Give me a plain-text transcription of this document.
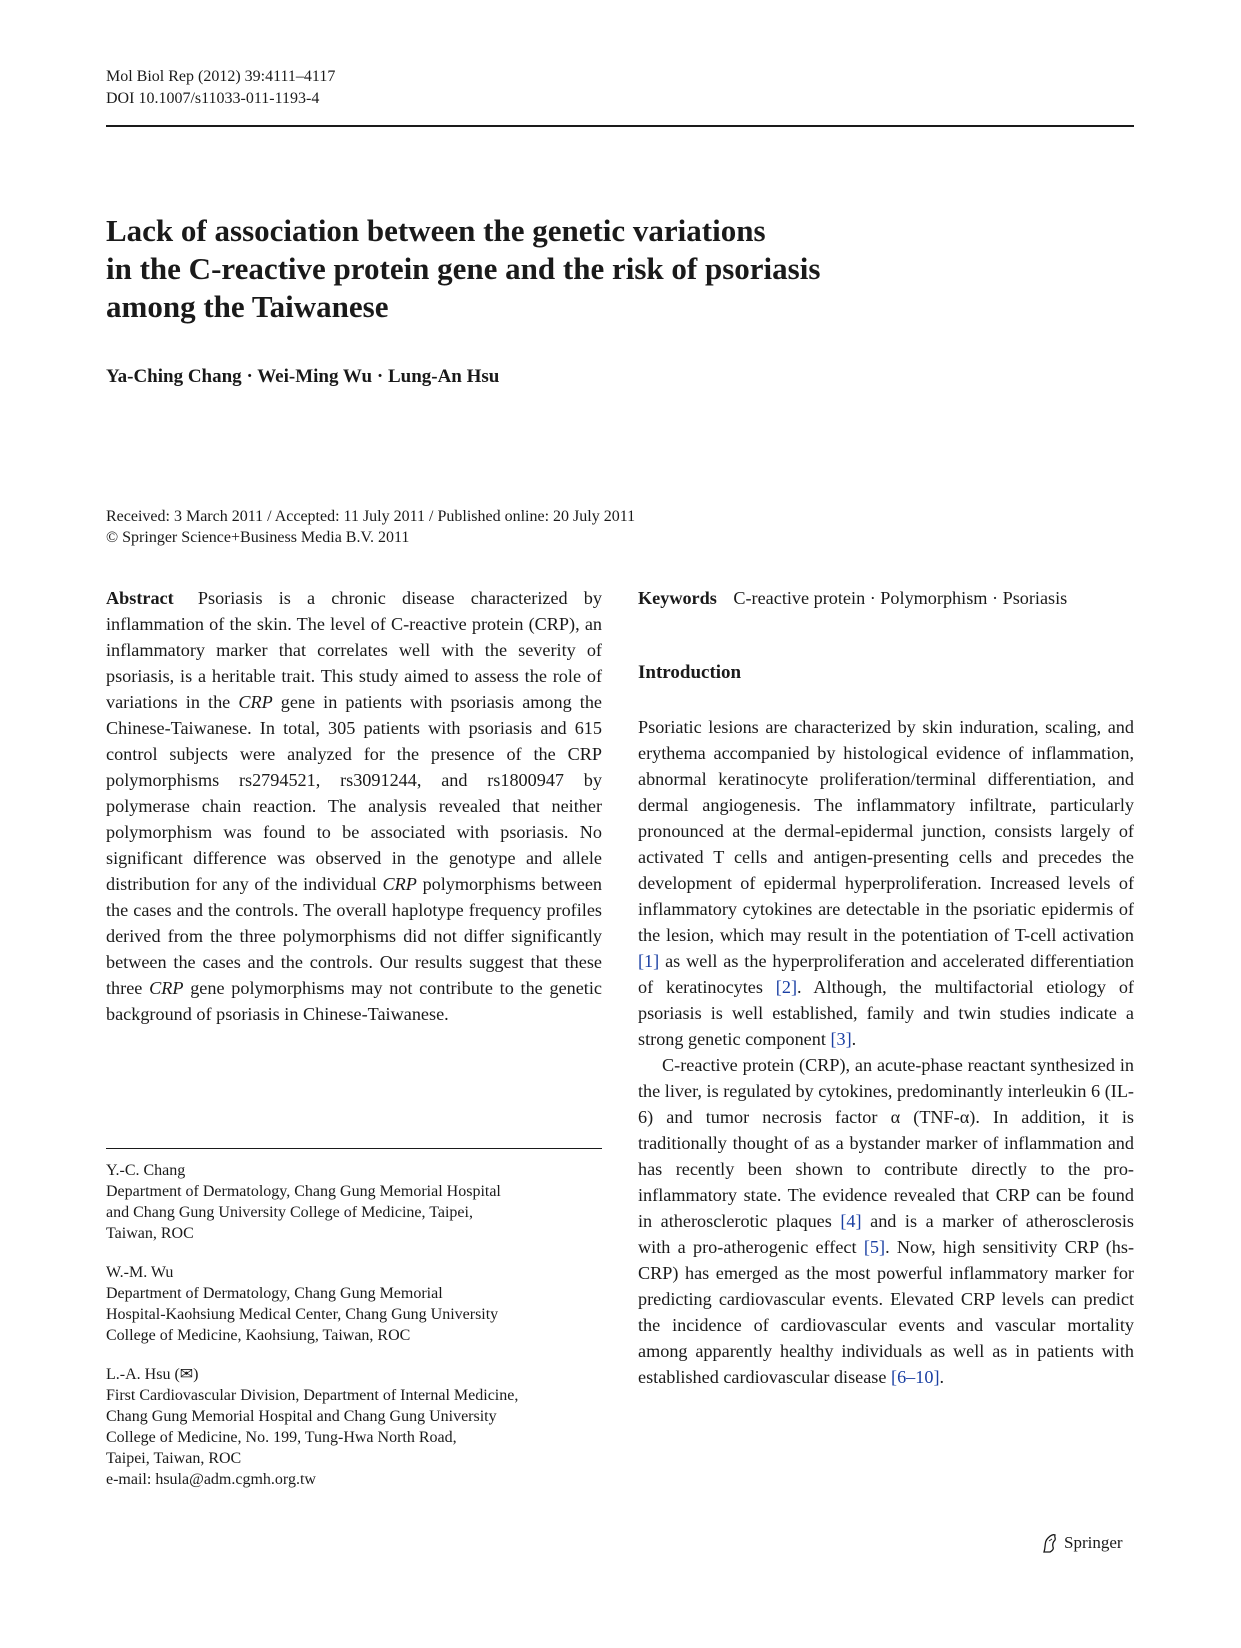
Mol Biol Rep (2012) 39:4111–4117
DOI 10.1007/s11033-011-1193-4
Lack of association between the genetic variations
in the C-reactive protein gene and the risk of psoriasis
among the Taiwanese
Ya-Ching Chang · Wei-Ming Wu · Lung-An Hsu
Received: 3 March 2011 / Accepted: 11 July 2011 / Published online: 20 July 2011
© Springer Science+Business Media B.V. 2011

Abstract Psoriasis is a chronic disease characterized by inflammation of the skin. The level of C-reactive protein (CRP), an inflammatory marker that correlates well with the severity of psoriasis, is a heritable trait. This study aimed to assess the role of variations in the CRP gene in patients with psoriasis among the Chinese-Taiwanese. In total, 305 patients with psoriasis and 615 control subjects were analyzed for the presence of the CRP polymorphisms rs2794521, rs3091244, and rs1800947 by polymerase chain reaction. The analysis revealed that neither polymorphism was found to be associated with psoriasis. No significant difference was observed in the genotype and allele distribution for any of the individual CRP polymorphisms between the cases and the controls. The overall haplotype frequency profiles derived from the three polymorphisms did not differ significantly between the cases and the controls. Our results suggest that these three CRP gene polymorphisms may not contribute to the genetic background of psoriasis in Chinese-Taiwanese.

Y.-C. Chang
Department of Dermatology, Chang Gung Memorial Hospital
and Chang Gung University College of Medicine, Taipei,
Taiwan, ROC
W.-M. Wu
Department of Dermatology, Chang Gung Memorial
Hospital-Kaohsiung Medical Center, Chang Gung University
College of Medicine, Kaohsiung, Taiwan, ROC
L.-A. Hsu (✉)
First Cardiovascular Division, Department of Internal Medicine,
Chang Gung Memorial Hospital and Chang Gung University
College of Medicine, No. 199, Tung-Hwa North Road,
Taipei, Taiwan, ROC
e-mail: hsula@adm.cgmh.org.tw
Keywords C-reactive protein · Polymorphism · Psoriasis
Introduction

Psoriatic lesions are characterized by skin induration, scaling, and erythema accompanied by histological evidence of inflammation, abnormal keratinocyte proliferation/terminal differentiation, and dermal angiogenesis. The inflammatory infiltrate, particularly pronounced at the dermal-epidermal junction, consists largely of activated T cells and antigen-presenting cells and precedes the development of epidermal hyperproliferation. Increased levels of inflammatory cytokines are detectable in the psoriatic epidermis of the lesion, which may result in the potentiation of T-cell activation [1] as well as the hyperproliferation and accelerated differentiation of keratinocytes [2]. Although, the multifactorial etiology of psoriasis is well established, family and twin studies indicate a strong genetic component [3].

C-reactive protein (CRP), an acute-phase reactant synthesized in the liver, is regulated by cytokines, predominantly interleukin 6 (IL-6) and tumor necrosis factor α (TNF-α). In addition, it is traditionally thought of as a bystander marker of inflammation and has recently been shown to contribute directly to the pro-inflammatory state. The evidence revealed that CRP can be found in atherosclerotic plaques [4] and is a marker of atherosclerosis with a pro-atherogenic effect [5]. Now, high sensitivity CRP (hs-CRP) has emerged as the most powerful inflammatory marker for predicting cardiovascular events. Elevated CRP levels can predict the incidence of cardiovascular events and vascular mortality among apparently healthy individuals as well as in patients with established cardiovascular disease [6–10].

Springer
